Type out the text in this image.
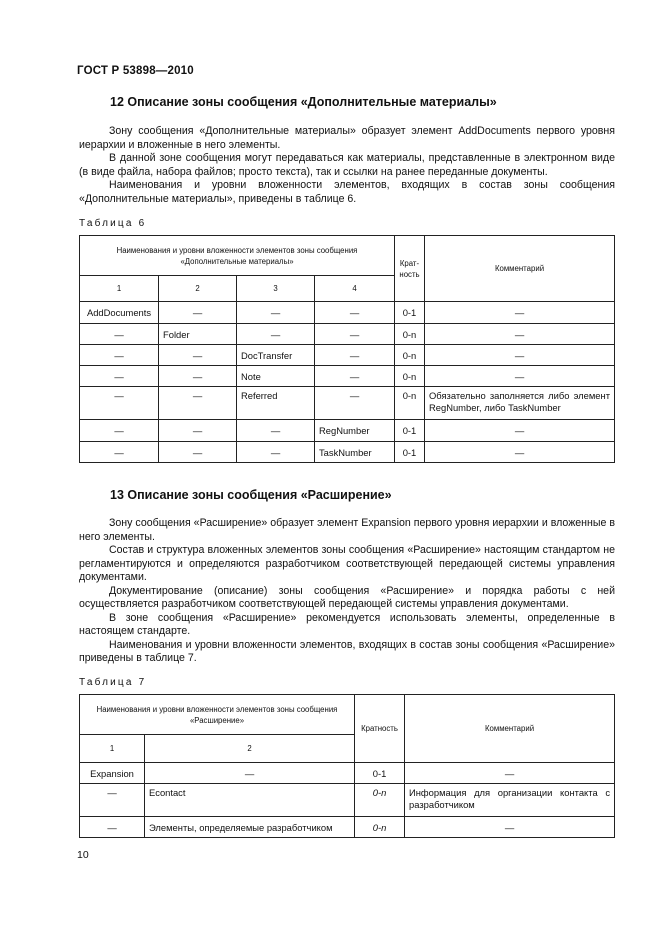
ГОСТ Р 53898—2010
12 Описание зоны сообщения «Дополнительные материалы»

Зону сообщения «Дополнительные материалы» образует элемент AddDocuments первого уровня иерархии и вложенные в него элементы.

В данной зоне сообщения могут передаваться как материалы, представленные в электронном виде (в виде файла, набора файлов; просто текста), так и ссылки на ранее переданные документы.

Наименования и уровни вложенности элементов, входящих в состав зоны сообщения «Дополнительные материалы», приведены в таблице 6.

Таблица 6
Наименования и уровни вложенности элементов зоны сообщения «Дополнительные материалы»				Крат-ность	Комментарий
1	2	3	4		
AddDocuments	—	—	—	0-1	—
—	Folder	—	—	0-n	—
—	—	DocTransfer	—	0-n	—
—	—	Note	—	0-n	—
—	—	Referred	—	0-n	Обязательно заполняется либо элемент RegNumber, либо TaskNumber
—	—	—	RegNumber	0-1	—
—	—	—	TaskNumber	0-1	—
13 Описание зоны сообщения «Расширение»

Зону сообщения «Расширение» образует элемент Expansion первого уровня иерархии и вложенные в него элементы.

Состав и структура вложенных элементов зоны сообщения «Расширение» настоящим стандартом не регламентируются и определяются разработчиком соответствующей передающей системы управления документами.

Документирование (описание) зоны сообщения «Расширение» и порядка работы с ней осуществляется разработчиком соответствующей передающей системы управления документами.

В зоне сообщения «Расширение» рекомендуется использовать элементы, определенные в настоящем стандарте.

Наименования и уровни вложенности элементов, входящих в состав зоны сообщения «Расширение» приведены в таблице 7.

Таблица 7
Наименования и уровни вложенности элементов зоны сообщения «Расширение»		Кратность	Комментарий
1	2		
Expansion	—	0-1	—
—	Econtact	0-n	Информация для организации контакта с разработчиком
—	Элементы, определяемые разработчиком	0-n	—
10
